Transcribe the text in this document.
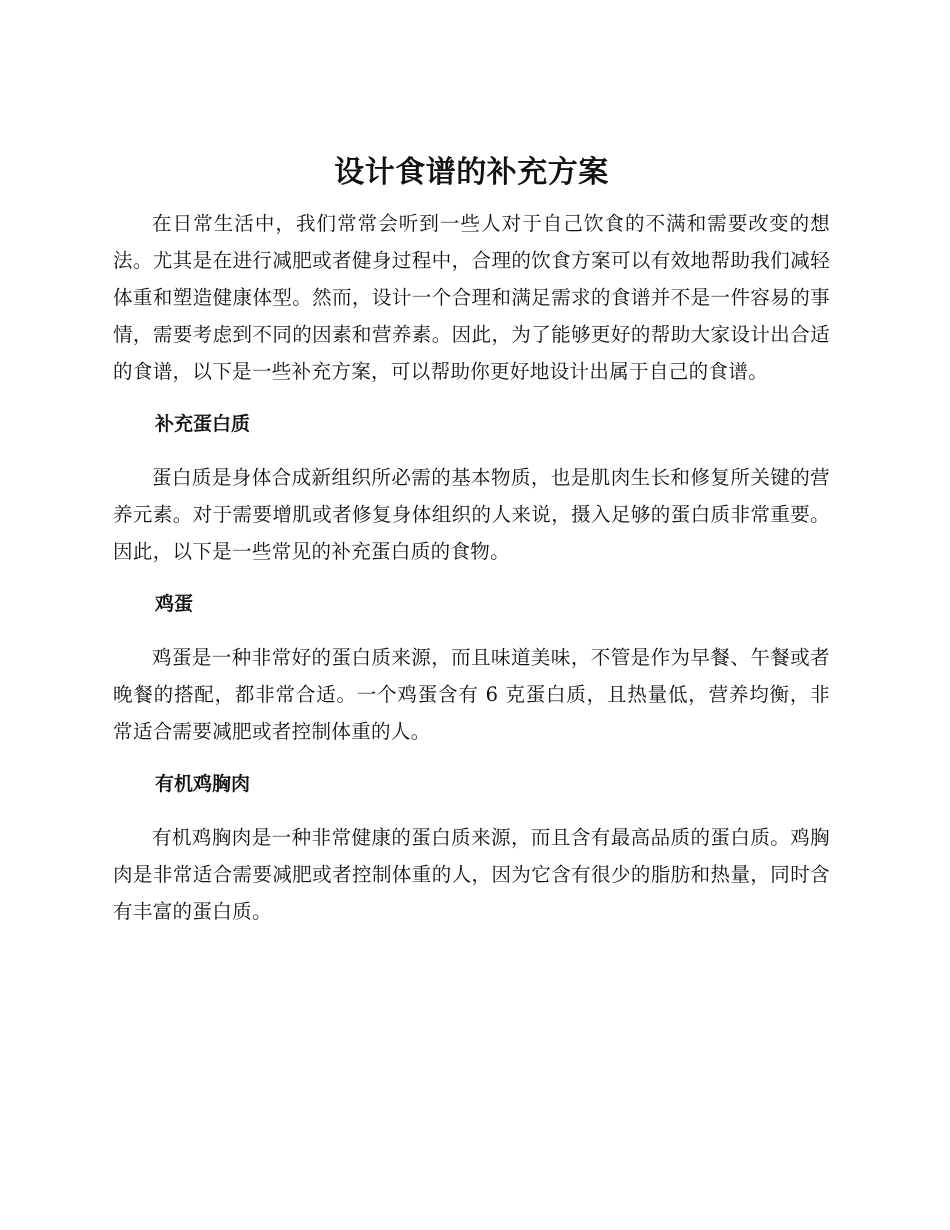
设计食谱的补充方案

在日常生活中，我们常常会听到一些人对于自己饮食的不满和需要改变的想法。尤其是在进行减肥或者健身过程中，合理的饮食方案可以有效地帮助我们减轻体重和塑造健康体型。然而，设计一个合理和满足需求的食谱并不是一件容易的事情，需要考虑到不同的因素和营养素。因此，为了能够更好的帮助大家设计出合适的食谱，以下是一些补充方案，可以帮助你更好地设计出属于自己的食谱。

补充蛋白质

蛋白质是身体合成新组织所必需的基本物质，也是肌肉生长和修复所关键的营养元素。对于需要增肌或者修复身体组织的人来说，摄入足够的蛋白质非常重要。因此，以下是一些常见的补充蛋白质的食物。

鸡蛋

鸡蛋是一种非常好的蛋白质来源，而且味道美味，不管是作为早餐、午餐或者晚餐的搭配，都非常合适。一个鸡蛋含有 6 克蛋白质，且热量低，营养均衡，非常适合需要减肥或者控制体重的人。

有机鸡胸肉

有机鸡胸肉是一种非常健康的蛋白质来源，而且含有最高品质的蛋白质。鸡胸肉是非常适合需要减肥或者控制体重的人，因为它含有很少的脂肪和热量，同时含有丰富的蛋白质。
